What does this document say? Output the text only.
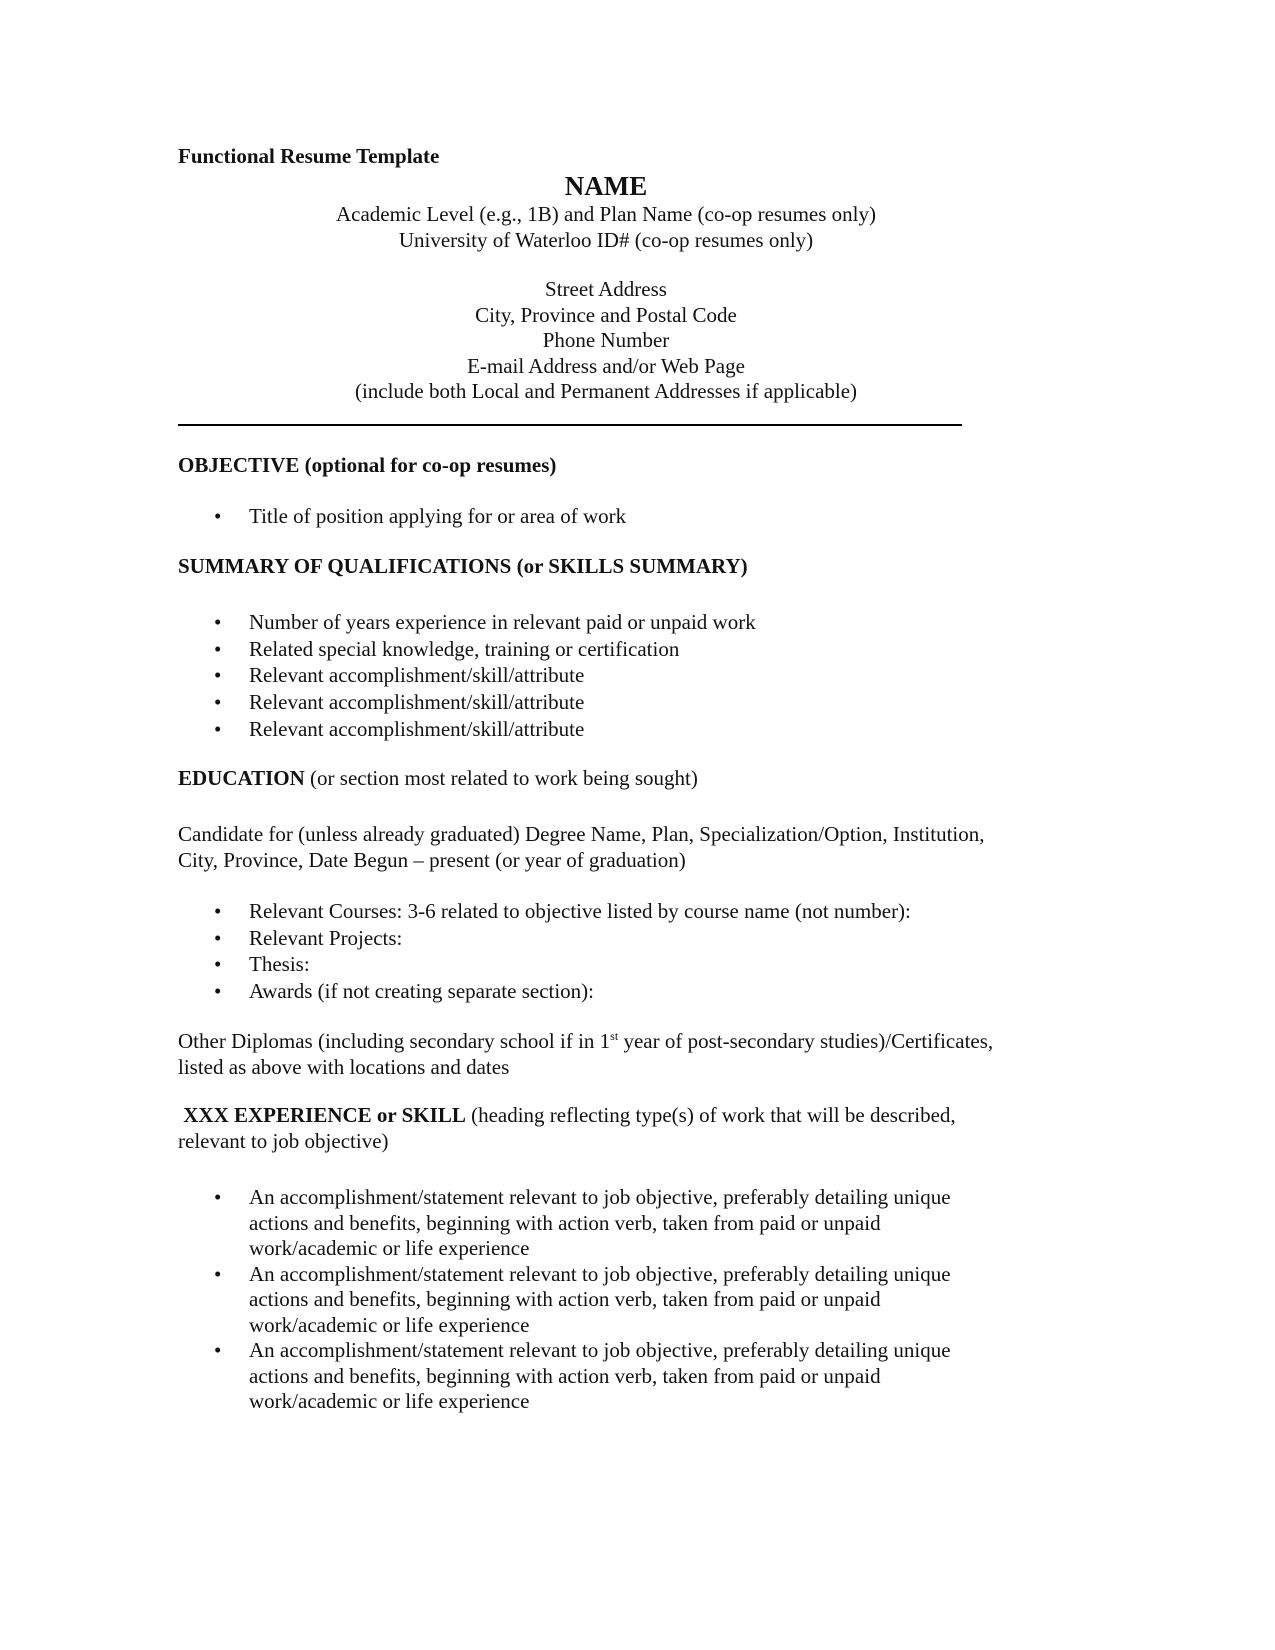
Functional Resume Template
NAME
Academic Level (e.g., 1B) and Plan Name (co-op resumes only)
University of Waterloo ID# (co-op resumes only)
Street Address
City, Province and Postal Code
Phone Number
E-mail Address and/or Web Page
(include both Local and Permanent Addresses if applicable)
OBJECTIVE (optional for co-op resumes)
• Title of position applying for or area of work
SUMMARY OF QUALIFICATIONS (or SKILLS SUMMARY)
• Number of years experience in relevant paid or unpaid work
• Related special knowledge, training or certification
• Relevant accomplishment/skill/attribute
• Relevant accomplishment/skill/attribute
• Relevant accomplishment/skill/attribute
EDUCATION (or section most related to work being sought)
Candidate for (unless already graduated) Degree Name, Plan, Specialization/Option, Institution, City, Province, Date Begun – present (or year of graduation)
• Relevant Courses: 3-6 related to objective listed by course name (not number):
• Relevant Projects:
• Thesis:
• Awards (if not creating separate section):
Other Diplomas (including secondary school if in 1st year of post-secondary studies)/Certificates, listed as above with locations and dates
XXX EXPERIENCE or SKILL (heading reflecting type(s) of work that will be described, relevant to job objective)
• An accomplishment/statement relevant to job objective, preferably detailing unique actions and benefits, beginning with action verb, taken from paid or unpaid work/academic or life experience
• An accomplishment/statement relevant to job objective, preferably detailing unique actions and benefits, beginning with action verb, taken from paid or unpaid work/academic or life experience
• An accomplishment/statement relevant to job objective, preferably detailing unique actions and benefits, beginning with action verb, taken from paid or unpaid work/academic or life experience
